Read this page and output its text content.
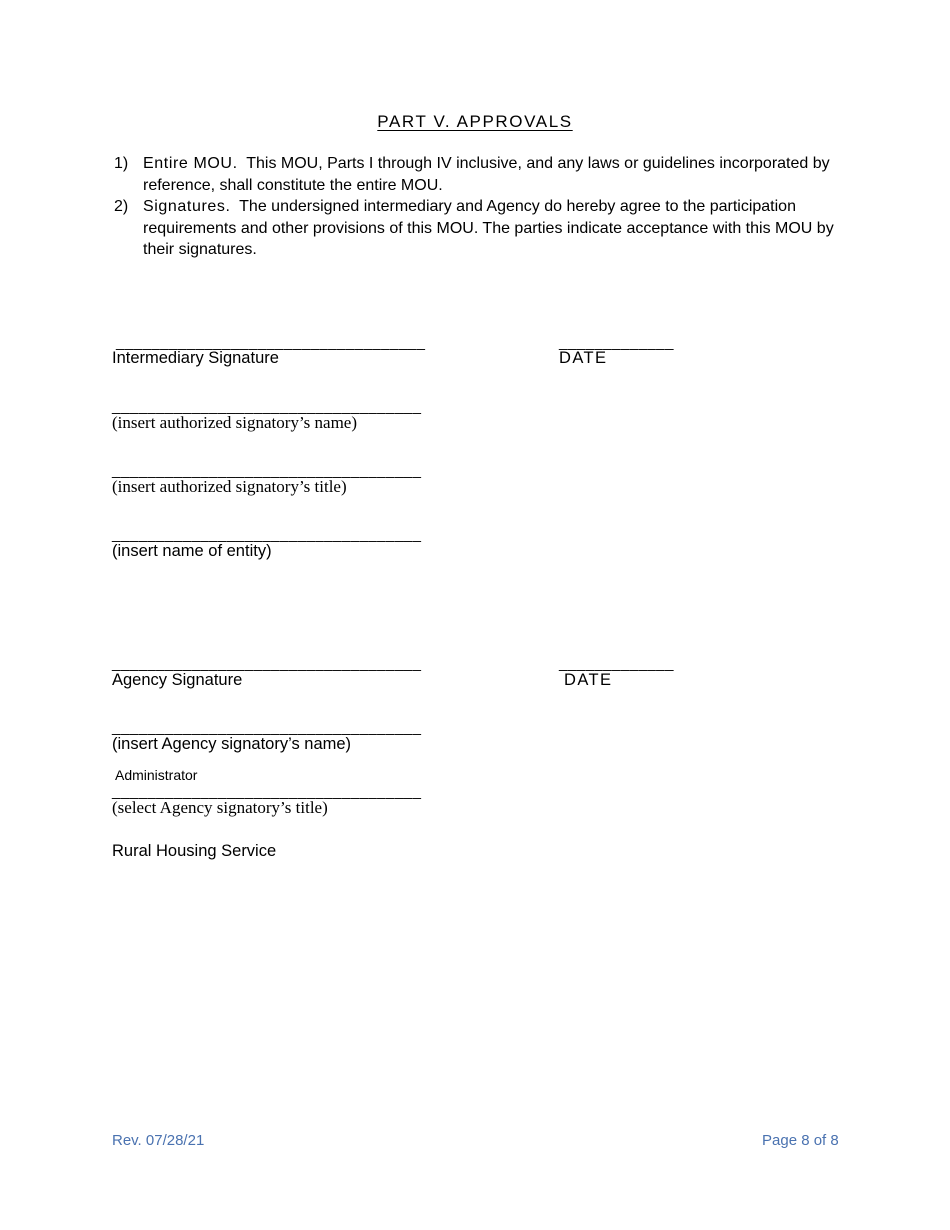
PART V. APPROVALS
1) Entire MOU. This MOU, Parts I through IV inclusive, and any laws or guidelines incorporated by reference, shall constitute the entire MOU.
2) Signatures. The undersigned intermediary and Agency do hereby agree to the participation requirements and other provisions of this MOU. The parties indicate acceptance with this MOU by their signatures.
___________________________________	_____________
Intermediary Signature	DATE
___________________________________
(insert authorized signatory’s name)
___________________________________
(insert authorized signatory’s title)
___________________________________
(insert name of entity)
___________________________________	_____________
Agency Signature	DATE
___________________________________
(insert Agency signatory’s name)
Administrator
___________________________________
(select Agency signatory’s title)
Rural Housing Service
Rev. 07/28/21	Page 8 of 8
